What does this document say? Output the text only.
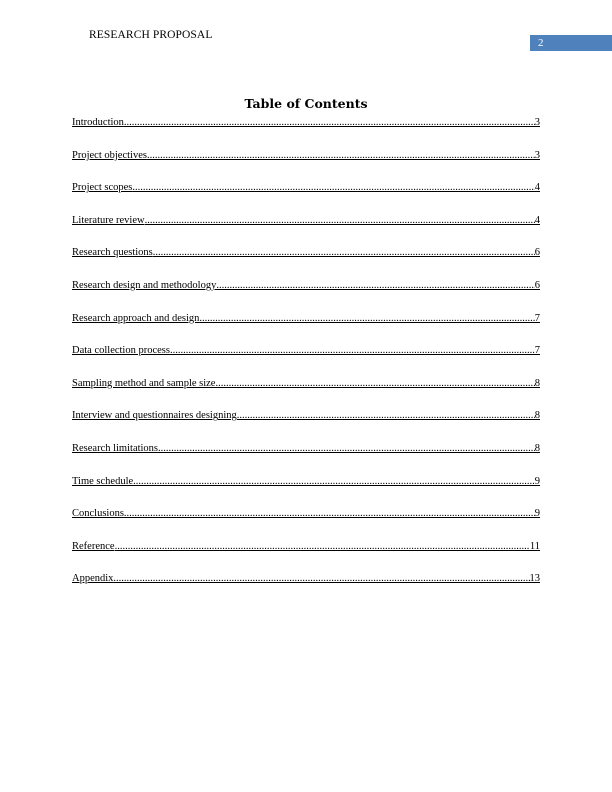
RESEARCH PROPOSAL
2
Table of Contents
Introduction .....	3
Project objectives .....	3
Project scopes .....	4
Literature review .....	4
Research questions .....	6
Research design and methodology .....	6
Research approach and design .....	7
Data collection process .....	7
Sampling method and sample size .....	8
Interview and questionnaires designing .....	8
Research limitations .....	8
Time schedule .....	9
Conclusions .....	9
Reference .....	11
Appendix .....	13
